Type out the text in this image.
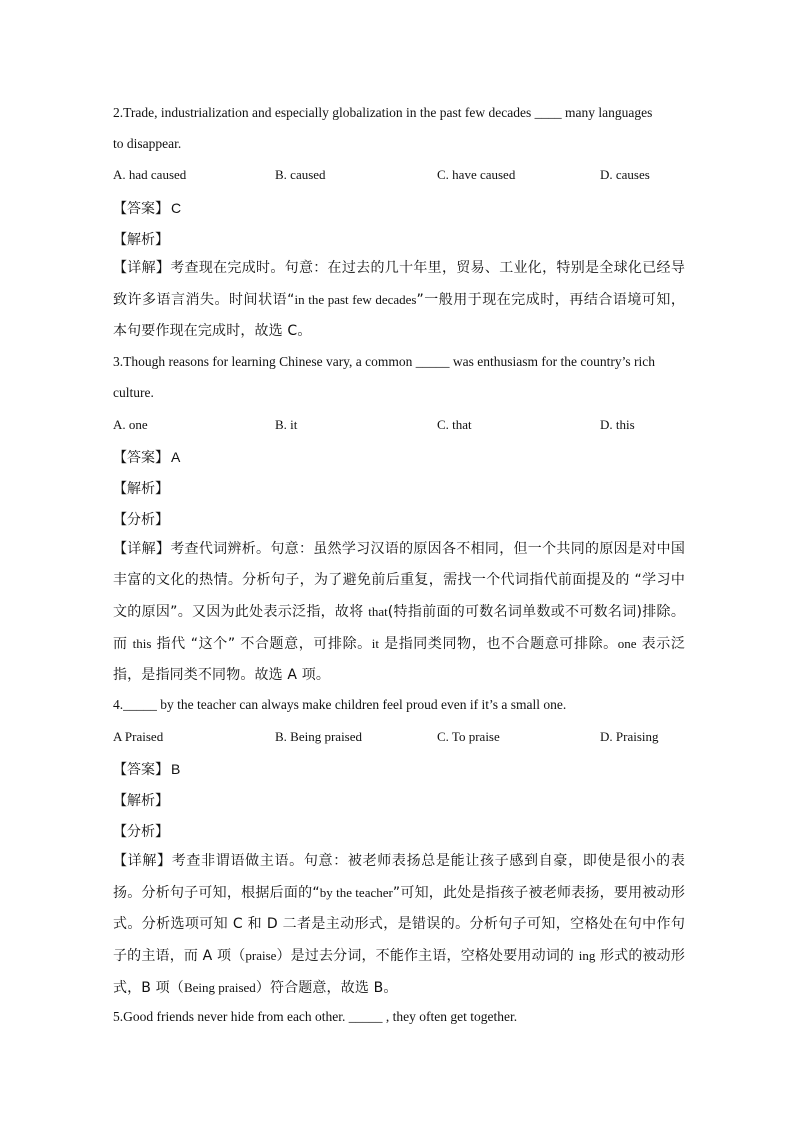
2.Trade, industrialization and especially globalization in the past few decades ____ many languages
to disappear.
A. had caused	B. caused	C. have caused	D. causes
【答案】 C
【解析】
【详解】考查现在完成时。句意：在过去的几十年里，贸易、工业化，特别是全球化已经导致许多语言消失。时间状语“in the past few decades”一般用于现在完成时，再结合语境可知，本句要作现在完成时，故选 C。
3.Though reasons for learning Chinese vary, a common _____ was enthusiasm for the country’s rich
culture.
A. one	B. it	C. that	D. this
【答案】 A
【解析】
【分析】
【详解】考查代词辨析。句意：虽然学习汉语的原因各不相同，但一个共同的原因是对中国丰富的文化的热情。分析句子，为了避免前后重复，需找一个代词指代前面提及的 “学习中文的原因”。又因为此处表示泛指，故将 that(特指前面的可数名词单数或不可数名词)排除。而 this 指代 “这个” 不合题意，可排除。it 是指同类同物，也不合题意可排除。one 表示泛指，是指同类不同物。故选 A 项。
4._____ by the teacher can always make children feel proud even if it’s a small one.
A Praised	B. Being praised	C. To praise	D. Praising
【答案】 B
【解析】
【分析】
【详解】考查非谓语做主语。句意：被老师表扬总是能让孩子感到自豪，即使是很小的表扬。分析句子可知，根据后面的“by the teacher”可知，此处是指孩子被老师表扬，要用被动形式。分析选项可知 C 和 D 二者是主动形式，是错误的。分析句子可知，空格处在句中作句子的主语，而 A 项（praise）是过去分词，不能作主语，空格处要用动词的 ing 形式的被动形式，B 项（Being praised）符合题意，故选 B。
5.Good friends never hide from each other. _____ , they often get together.
